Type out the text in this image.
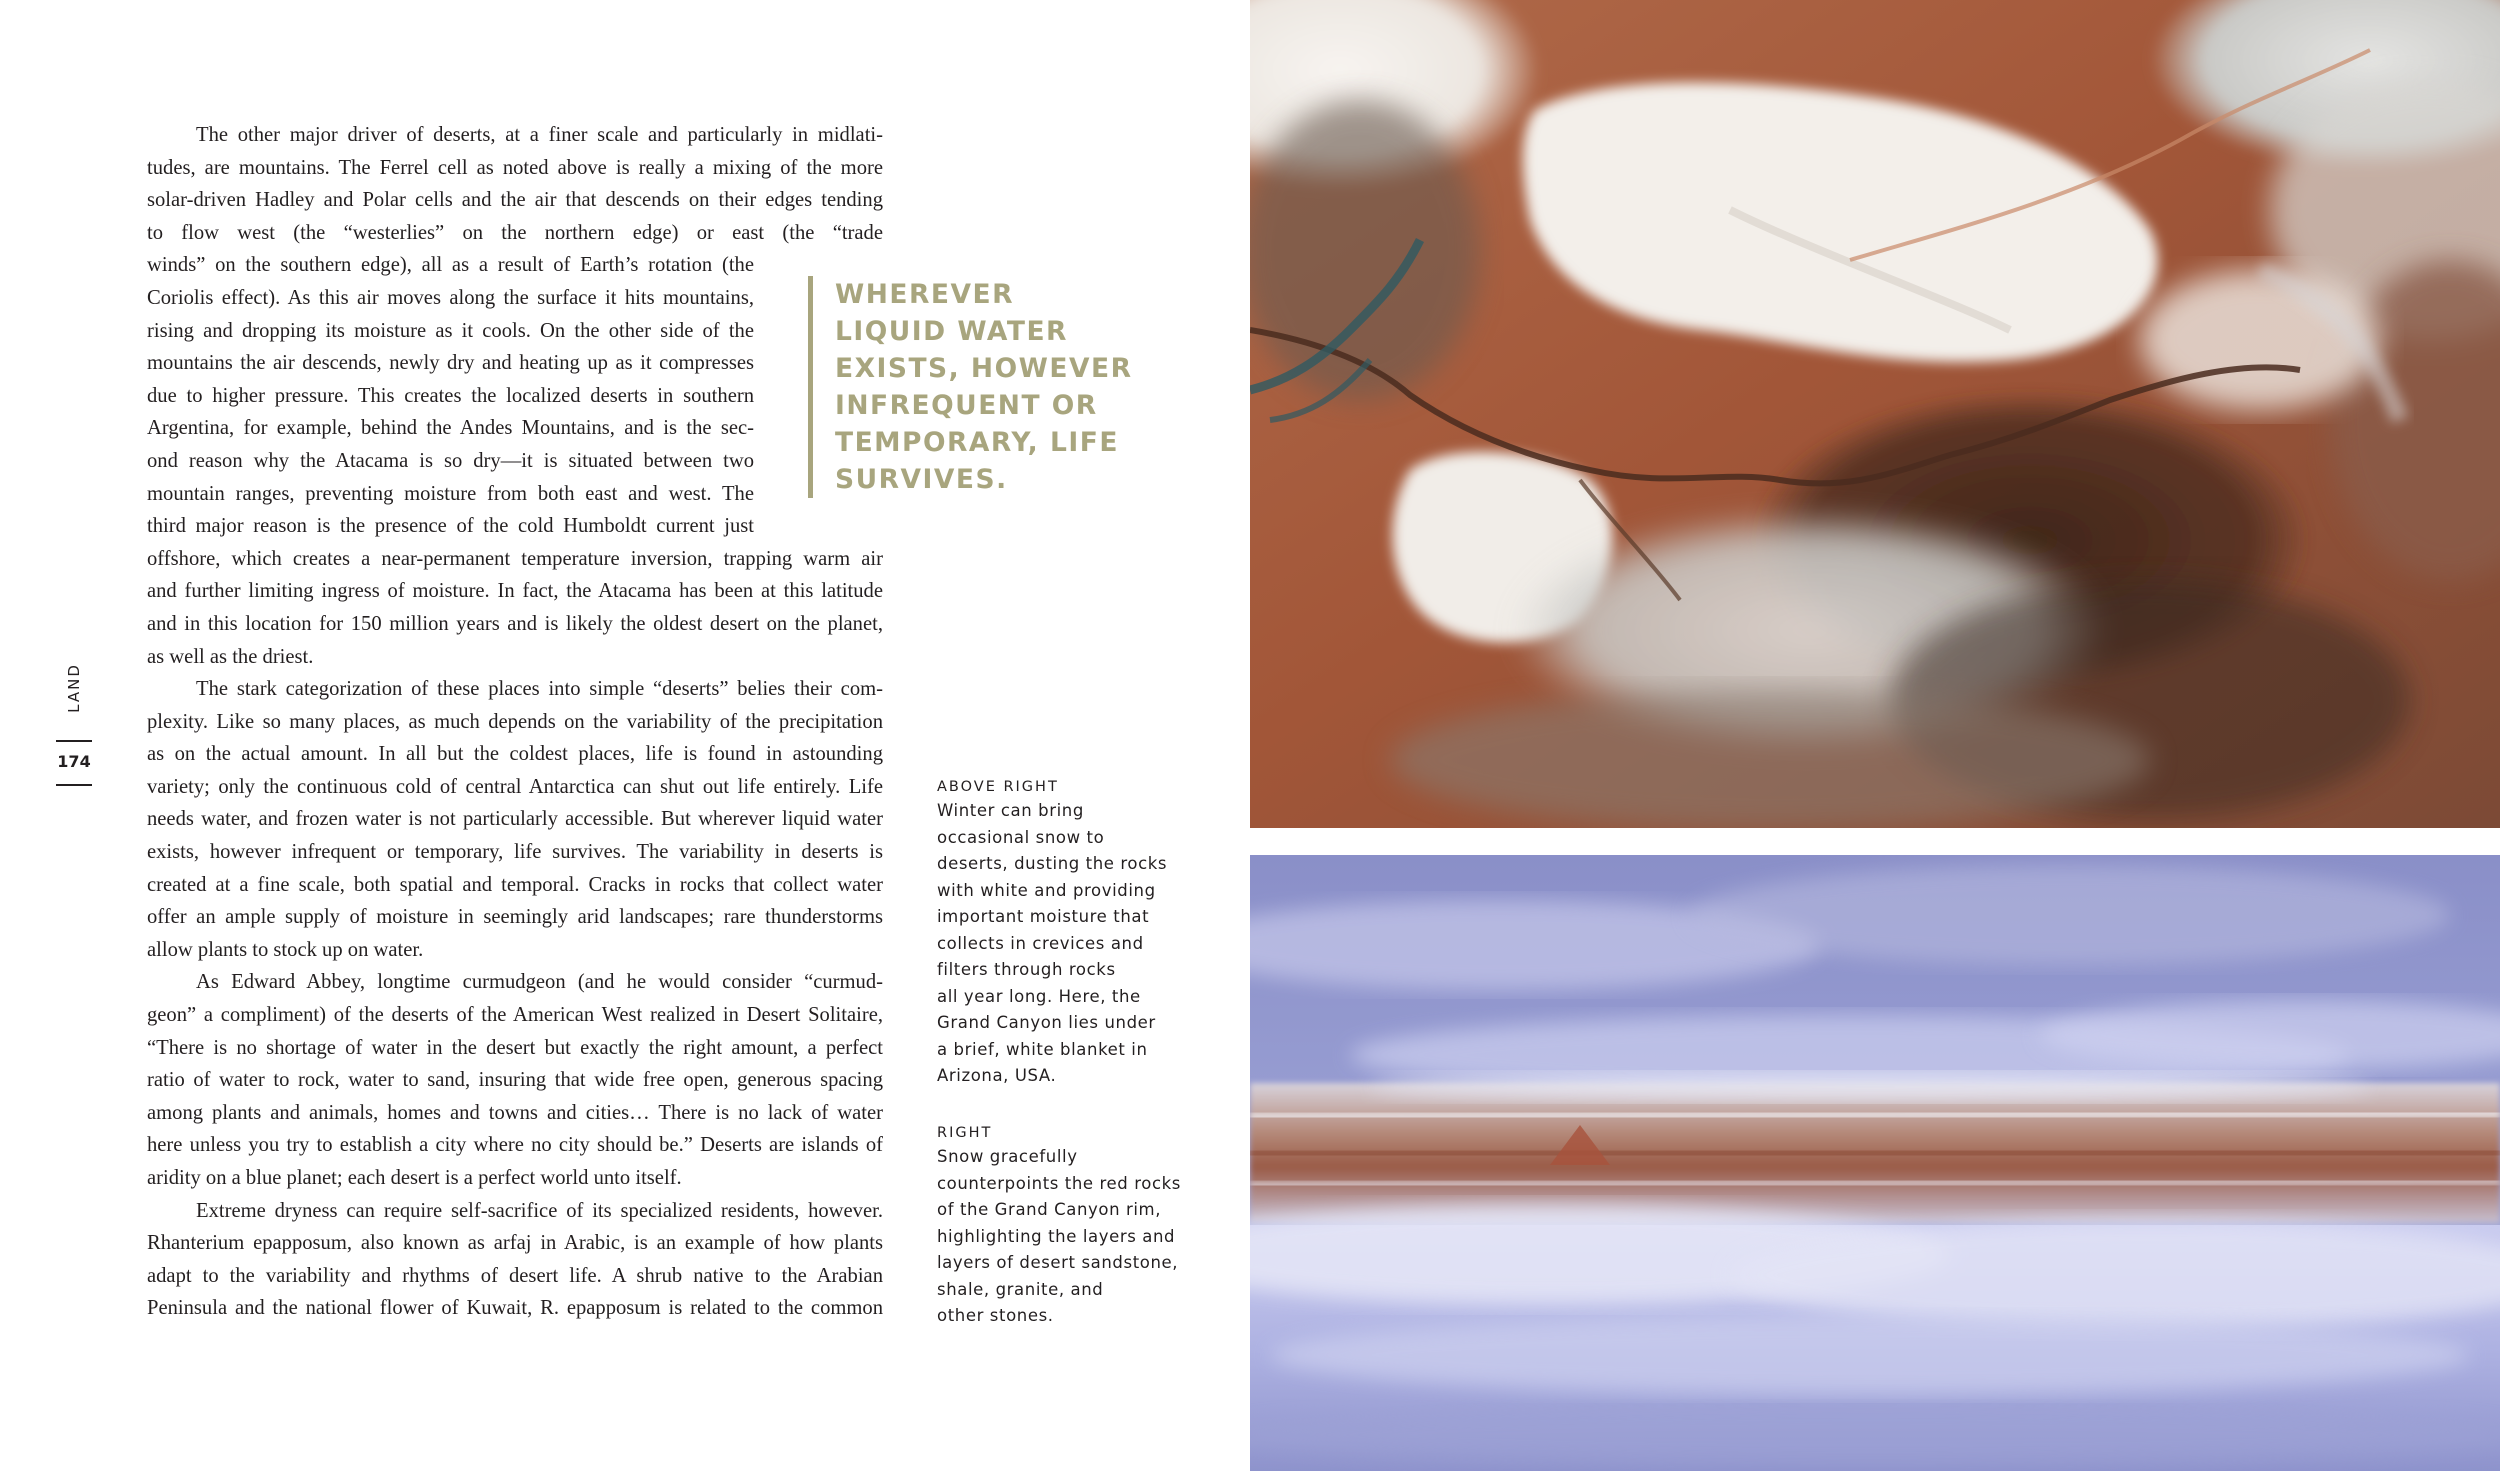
The other major driver of deserts, at a finer scale and particularly in midlati-
tudes, are mountains. The Ferrel cell as noted above is really a mixing of the more
solar-driven Hadley and Polar cells and the air that descends on their edges tending
to flow west (the “westerlies” on the northern edge) or east (the “trade
winds” on the southern edge), all as a result of Earth’s rotation (the
Coriolis effect). As this air moves along the surface it hits mountains,
rising and dropping its moisture as it cools. On the other side of the
mountains the air descends, newly dry and heating up as it compresses
due to higher pressure. This creates the localized deserts in southern
Argentina, for example, behind the Andes Mountains, and is the sec-
ond reason why the Atacama is so dry—it is situated between two
mountain ranges, preventing moisture from both east and west. The
third major reason is the presence of the cold Humboldt current just
offshore, which creates a near-permanent temperature inversion, trapping warm air
and further limiting ingress of moisture. In fact, the Atacama has been at this latitude
and in this location for 150 million years and is likely the oldest desert on the planet,
as well as the driest.

The stark categorization of these places into simple “deserts” belies their com-
plexity. Like so many places, as much depends on the variability of the precipitation
as on the actual amount. In all but the coldest places, life is found in astounding
variety; only the continuous cold of central Antarctica can shut out life entirely. Life
needs water, and frozen water is not particularly accessible. But wherever liquid water
exists, however infrequent or temporary, life survives. The variability in deserts is
created at a fine scale, both spatial and temporal. Cracks in rocks that collect water
offer an ample supply of moisture in seemingly arid landscapes; rare thunderstorms
allow plants to stock up on water.

As Edward Abbey, longtime curmudgeon (and he would consider “curmud-
geon” a compliment) of the deserts of the American West realized in Desert Solitaire,
“There is no shortage of water in the desert but exactly the right amount, a perfect
ratio of water to rock, water to sand, insuring that wide free open, generous spacing
among plants and animals, homes and towns and cities… There is no lack of water
here unless you try to establish a city where no city should be.” Deserts are islands of
aridity on a blue planet; each desert is a perfect world unto itself.

Extreme dryness can require self-sacrifice of its specialized residents, however.
Rhanterium epapposum, also known as arfaj in Arabic, is an example of how plants
adapt to the variability and rhythms of desert life. A shrub native to the Arabian
Peninsula and the national flower of Kuwait, R. epapposum is related to the common

WHEREVER
LIQUID WATER
EXISTS, HOWEVER
INFREQUENT OR
TEMPORARY, LIFE
SURVIVES.
LAND
174
ABOVE RIGHT
Winter can bring
occasional snow to
deserts, dusting the rocks
with white and providing
important moisture that
collects in crevices and
filters through rocks
all year long. Here, the
Grand Canyon lies under
a brief, white blanket in
Arizona, USA.
RIGHT
Snow gracefully
counterpoints the red rocks
of the Grand Canyon rim,
highlighting the layers and
layers of desert sandstone,
shale, granite, and
other stones.
